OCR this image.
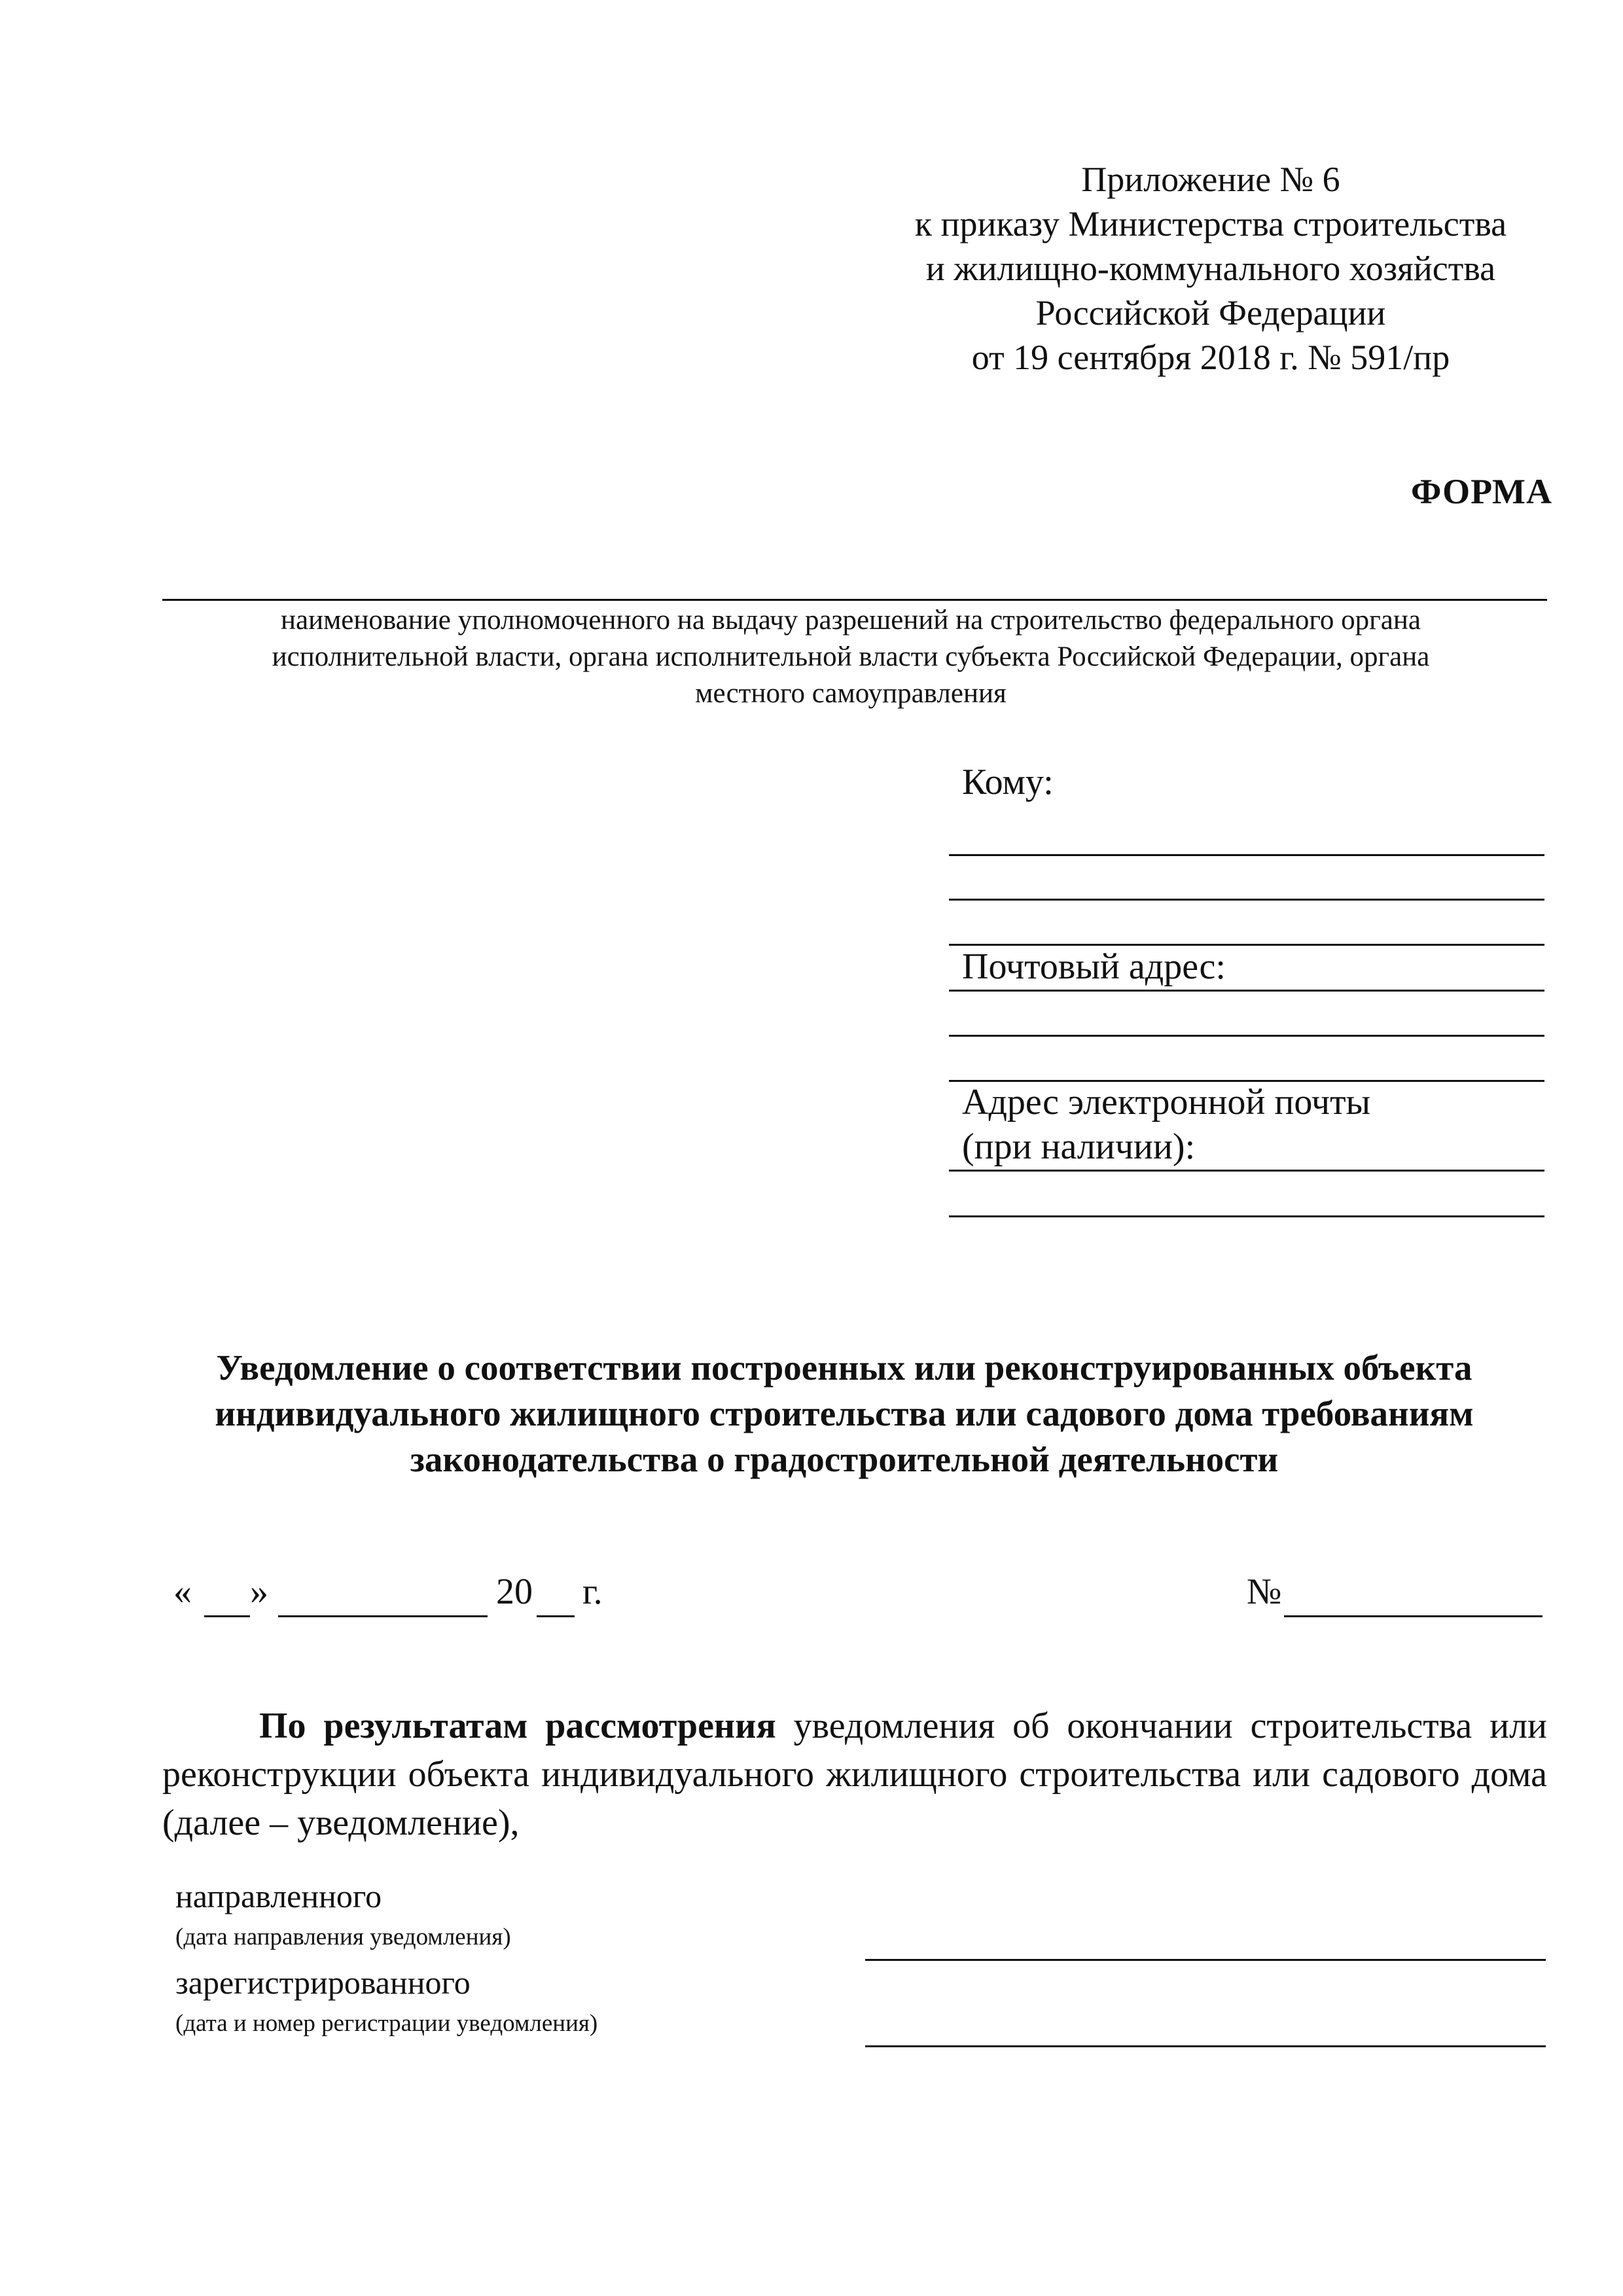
Приложение № 6
к приказу Министерства строительства
и жилищно-коммунального хозяйства
Российской Федерации
от 19 сентября 2018 г. № 591/пр
ФОРМА
наименование уполномоченного на выдачу разрешений на строительство федерального органа
исполнительной власти, органа исполнительной власти субъекта Российской Федерации, органа
местного самоуправления
Кому:
Почтовый адрес:
Адрес электронной почты
(при наличии):
Уведомление о соответствии построенных или реконструированных объекта
индивидуального жилищного строительства или садового дома требованиям
законодательства о градостроительной деятельности
« »	20 г.	№
По результатам рассмотрения уведомления об окончании строительства или реконструкции объекта индивидуального жилищного строительства или садового дома (далее – уведомление),
направленного
(дата направления уведомления)
зарегистрированного
(дата и номер регистрации уведомления)
